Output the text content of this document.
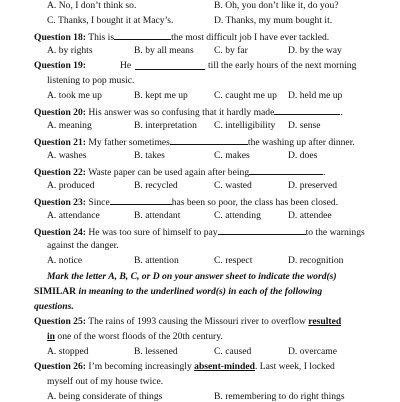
A. No, I don’t think so.	B. Oh, you don’t like it, do you?
C. Thanks, I bought it at Macy’s.	D. Thanks, my mum bought it.
Question 18: This is	the most difficult job I have ever tackled.
A. by rights	B. by all means C. by far	D. by the way
Question 19:	He	till the early hours of the next morning
listening to pop music.
A. took me up	B. kept me up	C. caught me up D. held me up
Question 20: His answer was so confusing that it hardly made	.
A. meaning	B. interpretation C. intelligibility D. sense
Question 21: My father sometimes	the washing up after dinner.
A. washes	B. takes	C. makes	D. does
Question 22: Waste paper can be used again after being	.
A. produced	B. recycled	C. wasted	D. preserved
Question 23: Since	has been so poor, the class has been closed.
A. attendance	B. attendant	C. attending	D. attendee
Question 24: He was too sure of himself to pay	to the warnings
against the danger.
A. notice	B. attention	C. respect	D. recognition
Mark the letter A, B, C, or D on your answer sheet to indicate the word(s)
SIMILAR in meaning to the underlined word(s) in each of the following
questions.
Question 25: The rains of 1993 causing the Missouri river to overflow resulted
in one of the worst floods of the 20th century.
A. stopped	B. lessened	C. caused	D. overcame
Question 26: I’m becoming increasingly absent-minded. Last week, I locked
myself out of my house twice.
A. being considerate of things	B. remembering to do right things
